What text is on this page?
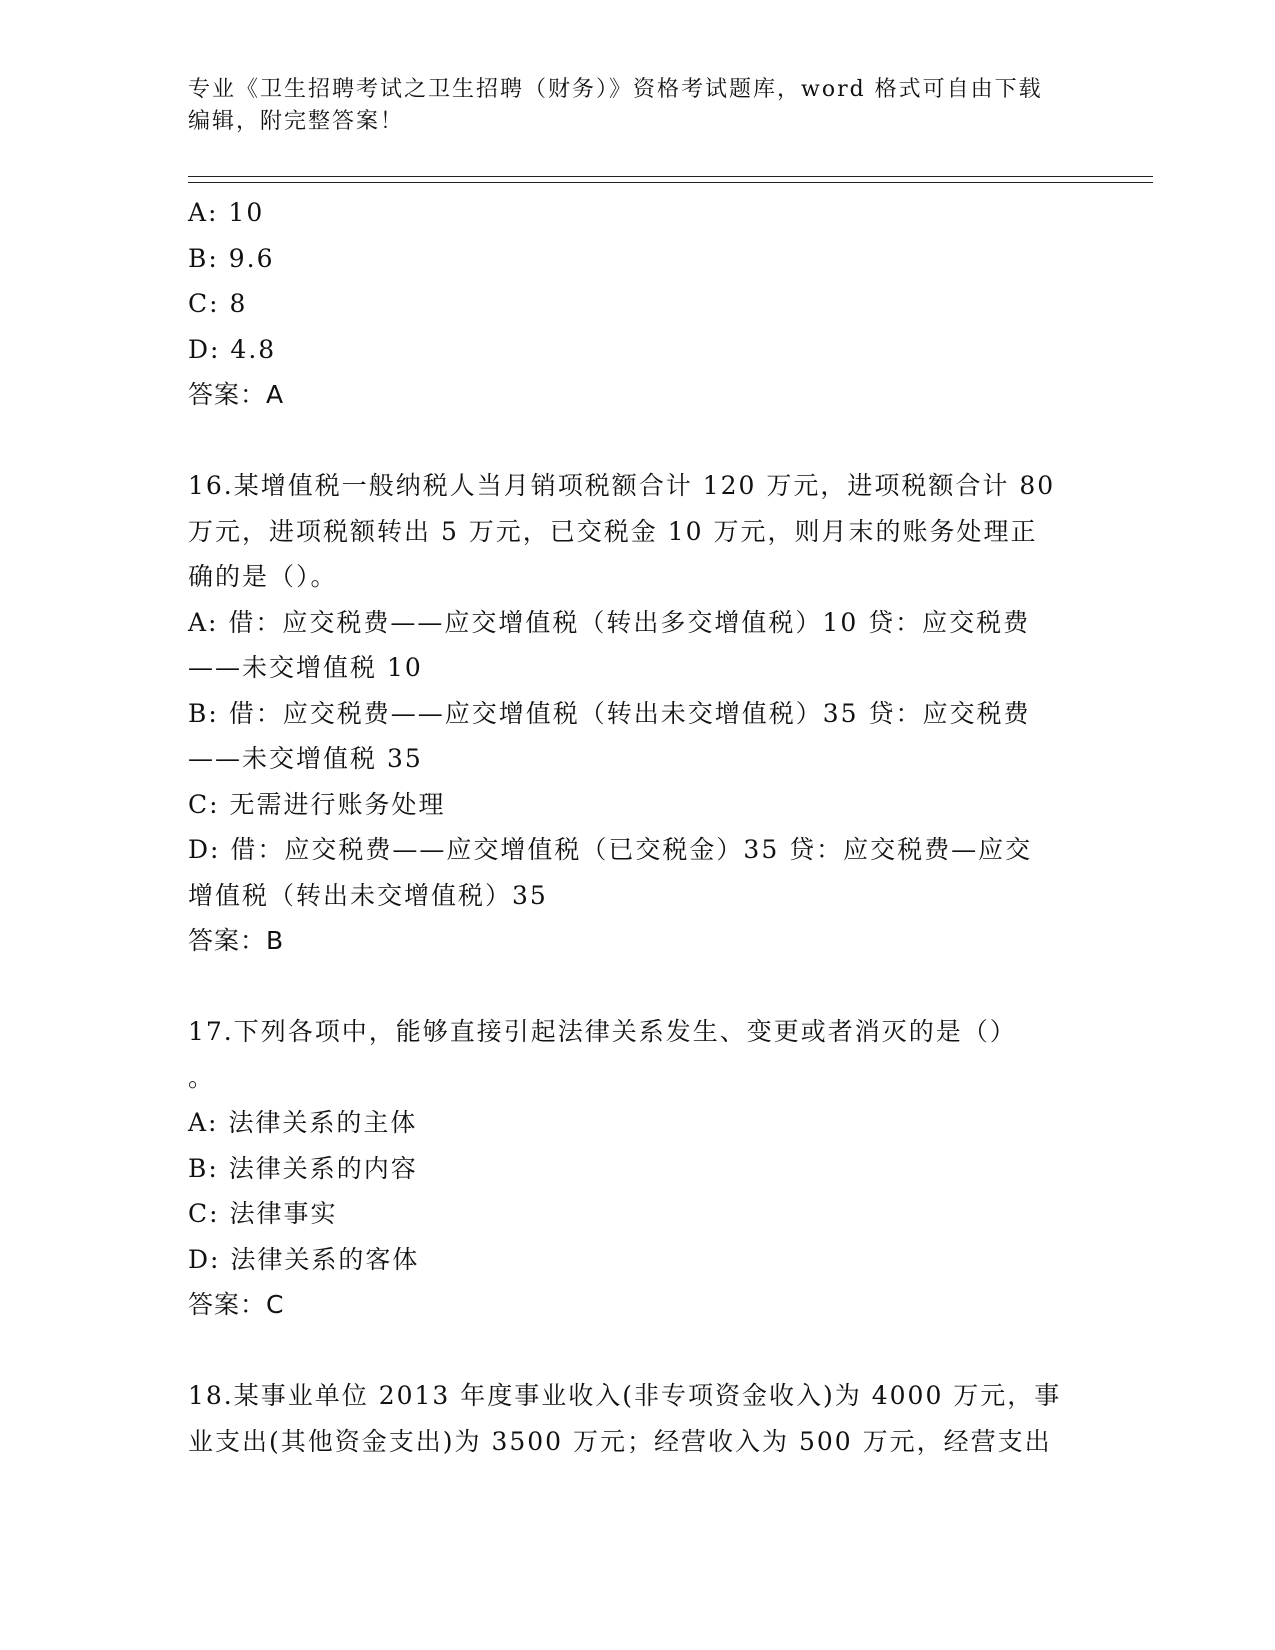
专业《卫生招聘考试之卫生招聘（财务）》资格考试题库，word 格式可自由下载
编辑，附完整答案！
A: 10
B: 9.6
C: 8
D: 4.8
答案：A
16.某增值税一般纳税人当月销项税额合计 120 万元，进项税额合计 80
万元，进项税额转出 5 万元，已交税金 10 万元，则月末的账务处理正
确的是（）。
A: 借：应交税费——应交增值税（转出多交增值税）10 贷：应交税费
——未交增值税 10
B: 借：应交税费——应交增值税（转出未交增值税）35 贷：应交税费
——未交增值税 35
C: 无需进行账务处理
D: 借：应交税费——应交增值税（已交税金）35 贷：应交税费—应交
增值税（转出未交增值税）35
答案：B
17.下列各项中，能够直接引起法律关系发生、变更或者消灭的是（）
。
A: 法律关系的主体
B: 法律关系的内容
C: 法律事实
D: 法律关系的客体
答案：C
18.某事业单位 2013 年度事业收入(非专项资金收入)为 4000 万元，事
业支出(其他资金支出)为 3500 万元；经营收入为 500 万元，经营支出
